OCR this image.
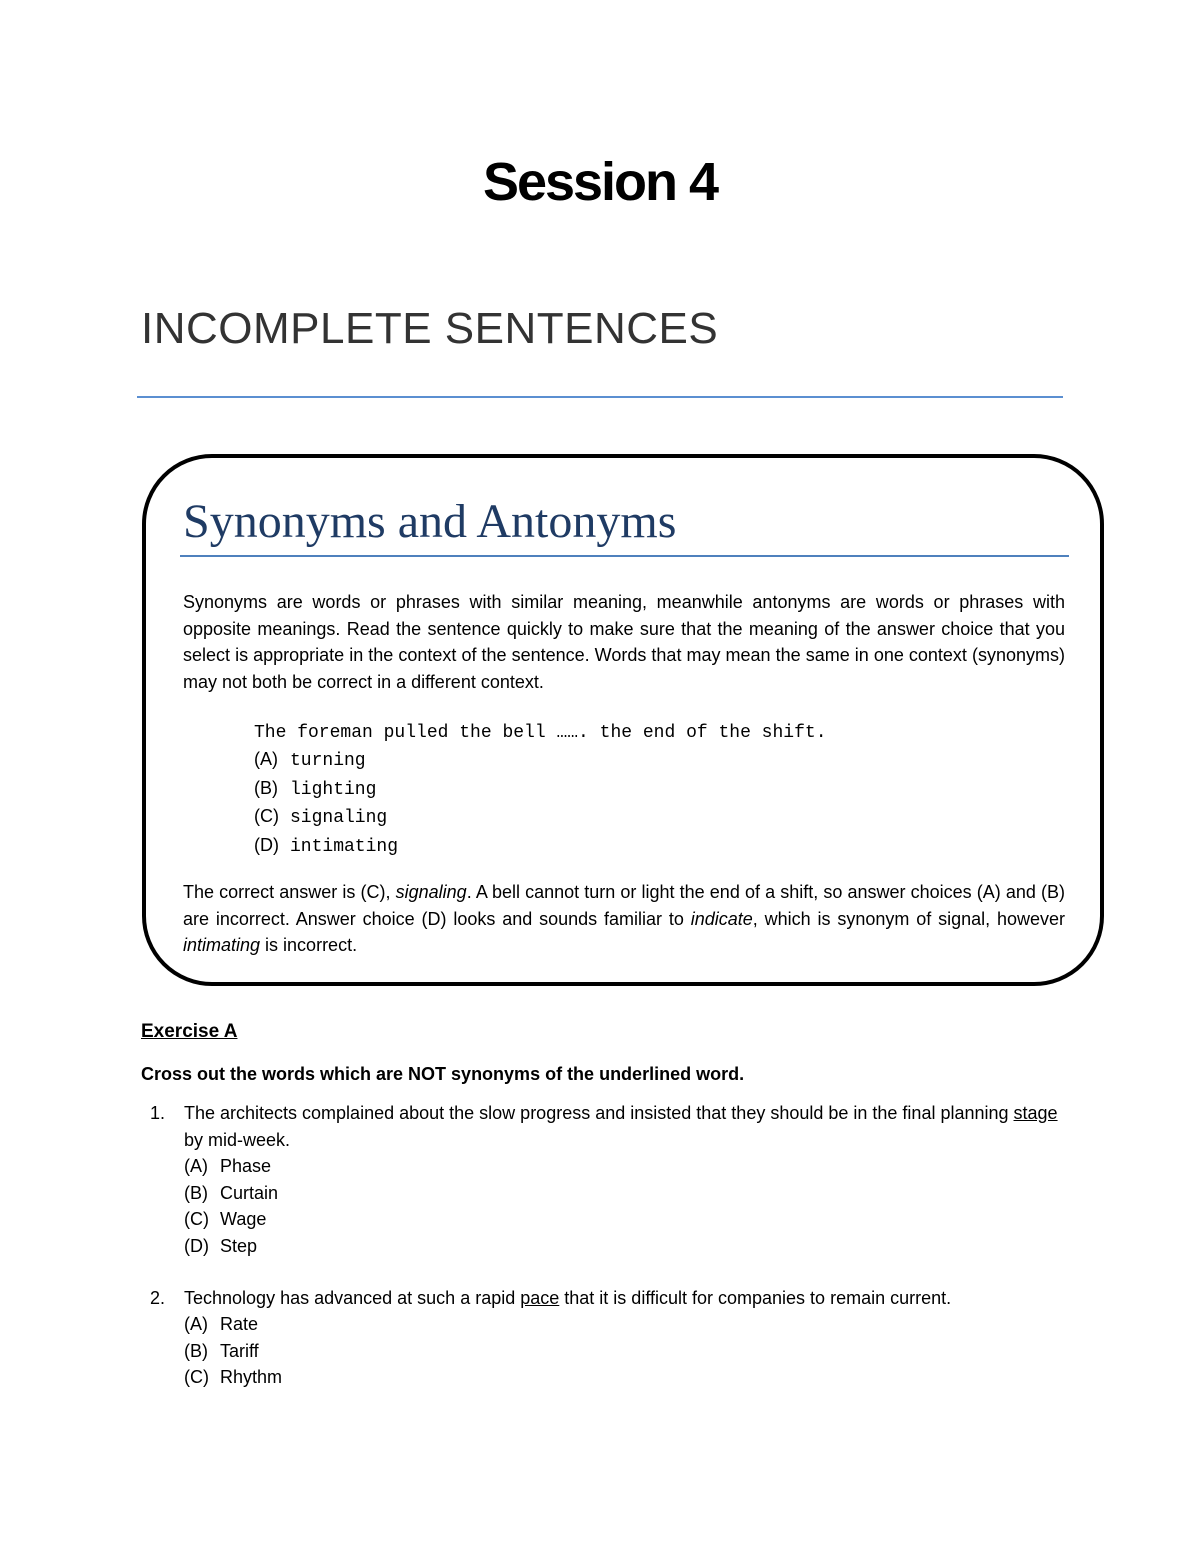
Session 4
INCOMPLETE SENTENCES
Synonyms and Antonyms
Synonyms are words or phrases with similar meaning, meanwhile antonyms are words or phrases with opposite meanings. Read the sentence quickly to make sure that the meaning of the answer choice that you select is appropriate in the context of the sentence. Words that may mean the same in one context (synonyms) may not both be correct in a different context.
The foreman pulled the bell ……. the end of the shift.
(A) turning
(B) lighting
(C) signaling
(D) intimating
The correct answer is (C), signaling. A bell cannot turn or light the end of a shift, so answer choices (A) and (B) are incorrect. Answer choice (D) looks and sounds familiar to indicate, which is synonym of signal, however intimating is incorrect.
Exercise A
Cross out the words which are NOT synonyms of the underlined word.
1. The architects complained about the slow progress and insisted that they should be in the final planning stage by mid-week.
(A) Phase
(B) Curtain
(C) Wage
(D) Step
2. Technology has advanced at such a rapid pace that it is difficult for companies to remain current.
(A) Rate
(B) Tariff
(C) Rhythm
